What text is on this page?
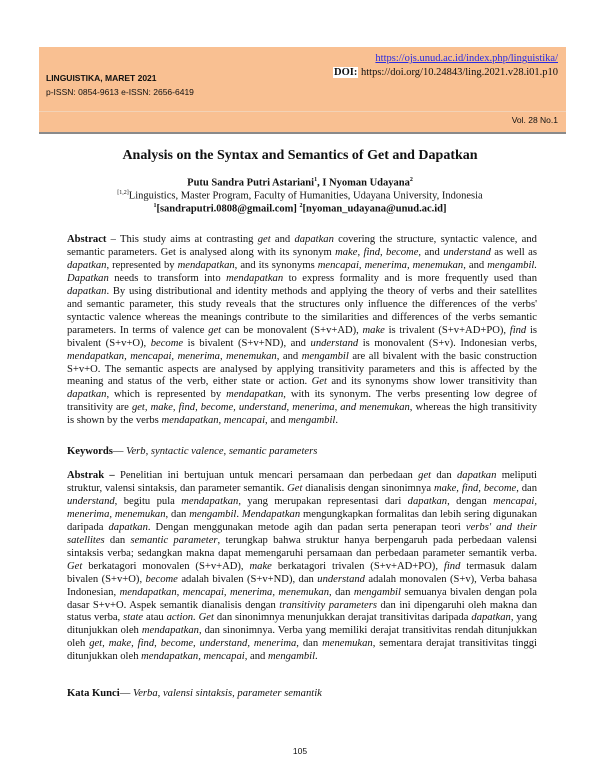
https://ojs.unud.ac.id/index.php/linguistika/
DOI: https://doi.org/10.24843/ling.2021.v28.i01.p10
LINGUISTIKA, MARET 2021
p-ISSN: 0854-9613 e-ISSN: 2656-6419
Vol. 28 No.1
Analysis on the Syntax and Semantics of Get and Dapatkan
Putu Sandra Putri Astariani$^1$, I Nyoman Udayana$^2$
[1,2]Linguistics, Master Program, Faculty of Humanities, Udayana University, Indonesia
$^1$[sandraputri.0808@gmail.com] $^2$[nyoman_udayana@unud.ac.id]
Abstract – This study aims at contrasting get and dapatkan covering the structure, syntactic valence, and semantic parameters. Get is analysed along with its synonym make, find, become, and understand as well as dapatkan, represented by mendapatkan, and its synonyms mencapai, menerima, menemukan, and mengambil. Dapatkan needs to transform into mendapatkan to express formality and is more frequently used than dapatkan. By using distributional and identity methods and applying the theory of verbs and their satellites and semantic parameter, this study reveals that the structures only influence the differences of the verbs' syntactic valence whereas the meanings contribute to the similarities and differences of the verbs semantic parameters. In terms of valence get can be monovalent (S+v+AD), make is trivalent (S+v+AD+PO), find is bivalent (S+v+O), become is bivalent (S+v+ND), and understand is monovalent (S+v). Indonesian verbs, mendapatkan, mencapai, menerima, menemukan, and mengambil are all bivalent with the basic construction S+v+O. The semantic aspects are analysed by applying transitivity parameters and this is affected by the meaning and status of the verb, either state or action. Get and its synonyms show lower transitivity than dapatkan, which is represented by mendapatkan, with its synonym. The verbs presenting low degree of transitivity are get, make, find, become, understand, menerima, and menemukan, whereas the high transitivity is shown by the verbs mendapatkan, mencapai, and mengambil.
Keywords— Verb, syntactic valence, semantic parameters
Abstrak – Penelitian ini bertujuan untuk mencari persamaan dan perbedaan get dan dapatkan meliputi struktur, valensi sintaksis, dan parameter semantik. Get dianalisis dengan sinonimnya make, find, become, dan understand, begitu pula mendapatkan, yang merupakan representasi dari dapatkan, dengan mencapai, menerima, menemukan, dan mengambil. Mendapatkan mengungkapkan formalitas dan lebih sering digunakan daripada dapatkan. Dengan menggunakan metode agih dan padan serta penerapan teori verbs' and their satellites dan semantic parameter, terungkap bahwa struktur hanya berpengaruh pada perbedaan valensi sintaksis verba; sedangkan makna dapat memengaruhi persamaan dan perbedaan parameter semantik verba. Get berkatagori monovalen (S+v+AD), make berkatagori trivalen (S+v+AD+PO), find termasuk dalam bivalen (S+v+O), become adalah bivalen (S+v+ND), dan understand adalah monovalen (S+v), Verba bahasa Indonesian, mendapatkan, mencapai, menerima, menemukan, dan mengambil semuanya bivalen dengan pola dasar S+v+O. Aspek semantik dianalisis dengan transitivity parameters dan ini dipengaruhi oleh makna dan status verba, state atau action. Get dan sinonimnya menunjukkan derajat transitivitas daripada dapatkan, yang ditunjukkan oleh mendapatkan, dan sinonimnya. Verba yang memiliki derajat transitivitas rendah ditunjukkan oleh get, make, find, become, understand, menerima, dan menemukan, sementara derajat transitivitas tinggi ditunjukkan oleh mendapatkan, mencapai, and mengambil.
Kata Kunci— Verba, valensi sintaksis, parameter semantik
105
